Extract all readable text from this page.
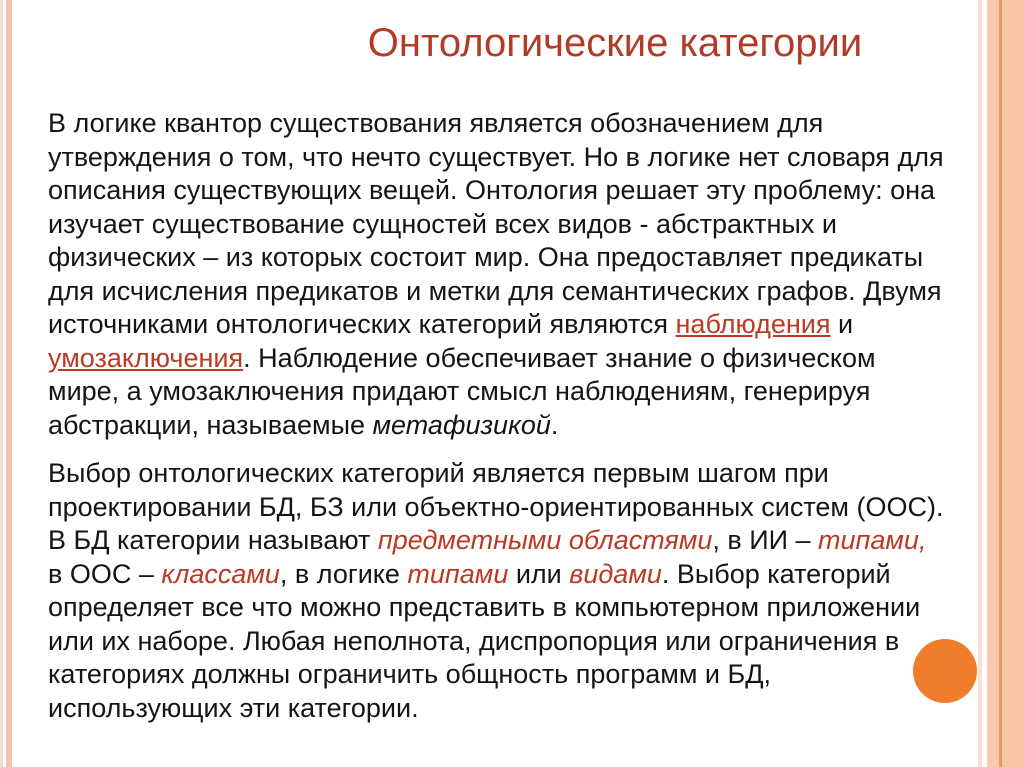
Онтологические категории
В логике квантор существования является обозначением для
утверждения о том, что нечто существует. Но в логике нет словаря для
описания существующих вещей. Онтология решает эту проблему: она
изучает существование сущностей всех видов - абстрактных и
физических – из которых состоит мир. Она предоставляет предикаты
для исчисления предикатов и метки для семантических графов. Двумя
источниками онтологических категорий являются наблюдения и
умозаключения. Наблюдение обеспечивает знание о физическом
мире, а умозаключения придают смысл наблюдениям, генерируя
абстракции, называемые метафизикой.
Выбор онтологических категорий является первым шагом при
проектировании БД, БЗ или объектно-ориентированных систем (ООС).
В БД категории называют предметными областями, в ИИ – типами,
в ООС – классами, в логике типами или видами. Выбор категорий
определяет все что можно представить в компьютерном приложении
или их наборе. Любая неполнота, диспропорция или ограничения в
категориях должны ограничить общность программ и БД,
использующих эти категории.
